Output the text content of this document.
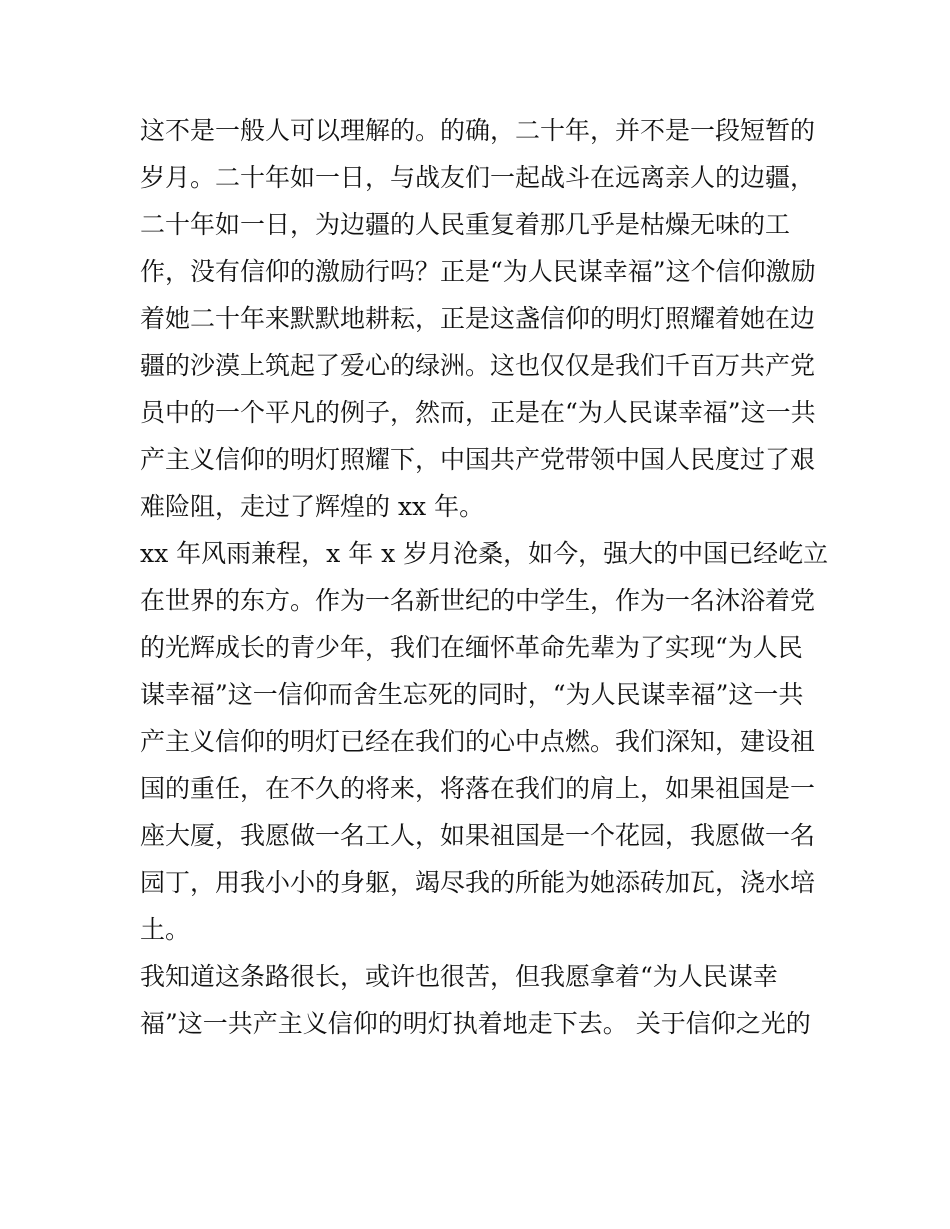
这不是一般人可以理解的。的确，二十年，并不是一段短暂的
岁月。二十年如一日，与战友们一起战斗在远离亲人的边疆，
二十年如一日，为边疆的人民重复着那几乎是枯燥无味的工
作，没有信仰的激励行吗？正是“为人民谋幸福”这个信仰激励
着她二十年来默默地耕耘，正是这盏信仰的明灯照耀着她在边
疆的沙漠上筑起了爱心的绿洲。这也仅仅是我们千百万共产党
员中的一个平凡的例子，然而，正是在“为人民谋幸福”这一共
产主义信仰的明灯照耀下，中国共产党带领中国人民度过了艰
难险阻，走过了辉煌的 xx 年。
xx 年风雨兼程，x 年 x 岁月沧桑，如今，强大的中国已经屹立
在世界的东方。作为一名新世纪的中学生，作为一名沐浴着党
的光辉成长的青少年，我们在缅怀革命先辈为了实现“为人民
谋幸福”这一信仰而舍生忘死的同时，“为人民谋幸福”这一共
产主义信仰的明灯已经在我们的心中点燃。我们深知，建设祖
国的重任，在不久的将来，将落在我们的肩上，如果祖国是一
座大厦，我愿做一名工人，如果祖国是一个花园，我愿做一名
园丁，用我小小的身躯，竭尽我的所能为她添砖加瓦，浇水培
土。
我知道这条路很长，或许也很苦，但我愿拿着“为人民谋幸
福”这一共产主义信仰的明灯执着地走下去。 关于信仰之光的
